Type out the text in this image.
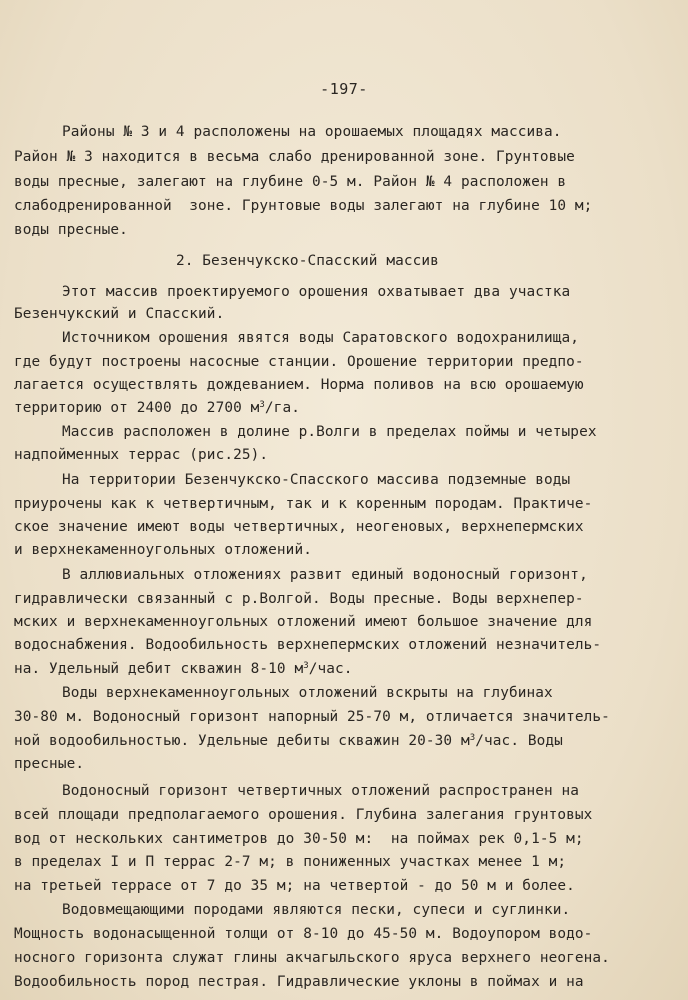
-197-
Районы № 3 и 4 расположены на орошаемых площадях массива.
Район № 3 находится в весьма слабо дренированной зоне. Грунтовые
воды пресные, залегают на глубине 0-5 м. Район № 4 расположен в
слабодренированной  зоне. Грунтовые воды залегают на глубине 10 м;
воды пресные.
2. Безенчукско-Спасский массив
Этот массив проектируемого орошения охватывает два участка
Безенчукский и Спасский.
Источником орошения явятся воды Саратовского водохранилища,
где будут построены насосные станции. Орошение территории предпо-
лагается осуществлять дождеванием. Норма поливов на всю орошаемую
территорию от 2400 до 2700 $м^3/га$.
Массив расположен в долине р.Волги в пределах поймы и четырех
надпойменных террас (рис.25).
На территории Безенчукско-Спасского массива подземные воды
приурочены как к четвертичным, так и к коренным породам. Практиче-
ское значение имеют воды четвертичных, неогеновых, верхнепермских
и верхнекаменноугольных отложений.
В аллювиальных отложениях развит единый водоносный горизонт,
гидравлически связанный с р.Волгой. Воды пресные. Воды верхнепер-
мских и верхнекаменноугольных отложений имеют большое значение для
водоснабжения. Водообильность верхнепермских отложений незначитель-
на. Удельный дебит скважин 8-10 $м^3$/час.
Воды верхнекаменноугольных отложений вскрыты на глубинах
30-80 м. Водоносный горизонт напорный 25-70 м, отличается значитель-
ной водообильностью. Удельные дебиты скважин 20-30 $м^3$/час. Воды
пресные.
Водоносный горизонт четвертичных отложений распространен на
всей площади предполагаемого орошения. Глубина залегания грунтовых
вод от нескольких сантиметров до 30-50 м:  на поймах рек 0,1-5 м;
в пределах I и П террас 2-7 м; в пониженных участках менее 1 м;
на третьей террасе от 7 до 35 м; на четвертой - до 50 м и более.
Водовмещающими породами являются пески, супеси и суглинки.
Мощность водонасыщенной толщи от 8-10 до 45-50 м. Водоупором водо-
носного горизонта служат глины акчагыльского яруса верхнего неогена.
Водообильность пород пестрая. Гидравлические уклоны в поймах и на
